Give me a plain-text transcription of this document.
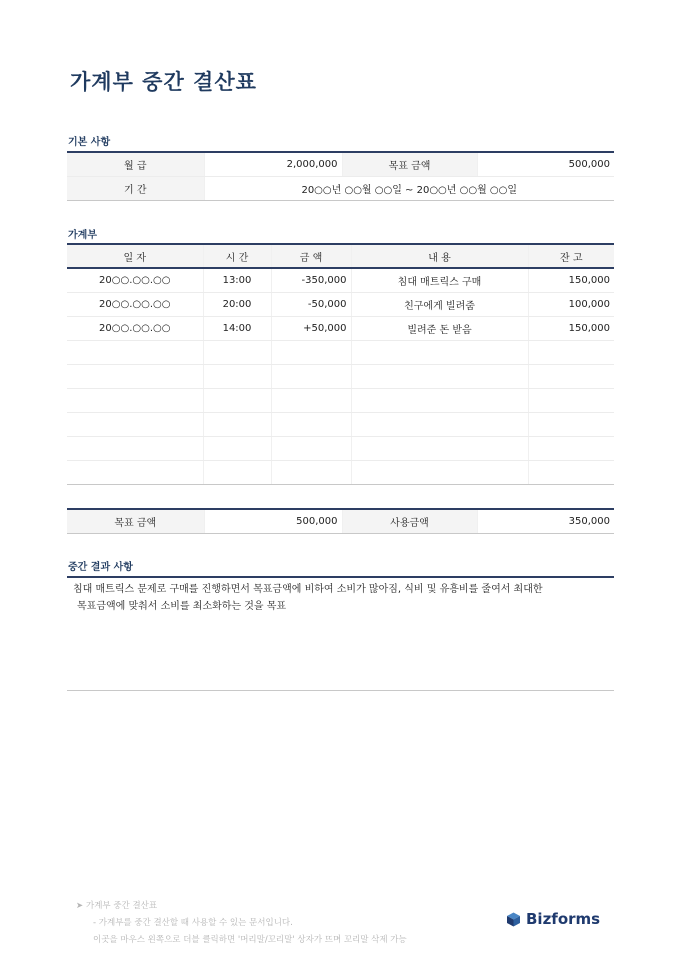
가계부 중간 결산표
기본 사항
월 급	2,000,000	목표 금액	500,000
기 간	20○○년 ○○월 ○○일 ~ 20○○년 ○○월 ○○일		
가계부
일 자	시 간	금 액	내 용	잔 고
20○○.○○.○○	13:00	-350,000	침대 매트릭스 구매	150,000
20○○.○○.○○	20:00	-50,000	친구에게 빌려줌	100,000
20○○.○○.○○	14:00	+50,000	빌려준 돈 받음	150,000

목표 금액	500,000	사용금액	350,000
중간 결과 사항
침대 매트릭스 문제로 구매를 진행하면서 목표금액에 비하여 소비가 많아짐, 식비 및 유흥비를 줄여서 최대한
목표금액에 맞춰서 소비를 최소화하는 것을 목표
➤ 가계부 중간 결산표
- 가계부를 중간 결산할 때 사용할 수 있는 문서입니다.
이곳을 마우스 왼쪽으로 더블 클릭하면 '머리말/꼬리말' 상자가 뜨며 꼬리말 삭제 가능
Bizforms
